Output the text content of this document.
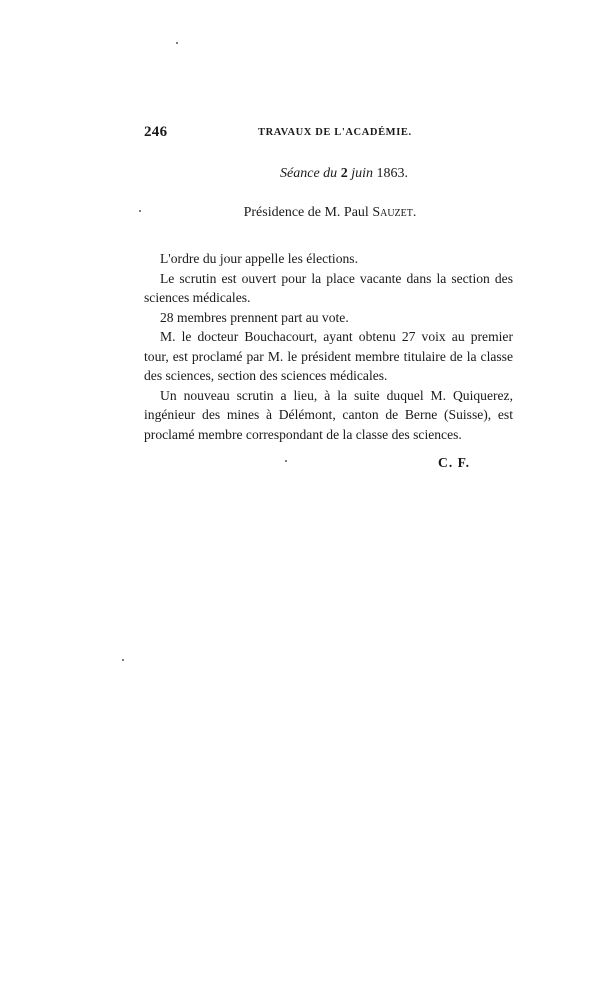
246	TRAVAUX DE L'ACADÉMIE.
Séance du 2 juin 1863.
Présidence de M. Paul Sauzet.

L'ordre du jour appelle les élections.

Le scrutin est ouvert pour la place vacante dans la section des sciences médicales.

28 membres prennent part au vote.

M. le docteur Bouchacourt, ayant obtenu 27 voix au premier tour, est proclamé par M. le président membre titulaire de la classe des sciences, section des sciences médicales.

Un nouveau scrutin a lieu, à la suite duquel M. Quiquerez, ingénieur des mines à Délémont, canton de Berne (Suisse), est proclamé membre correspondant de la classe des sciences.

C. F.
